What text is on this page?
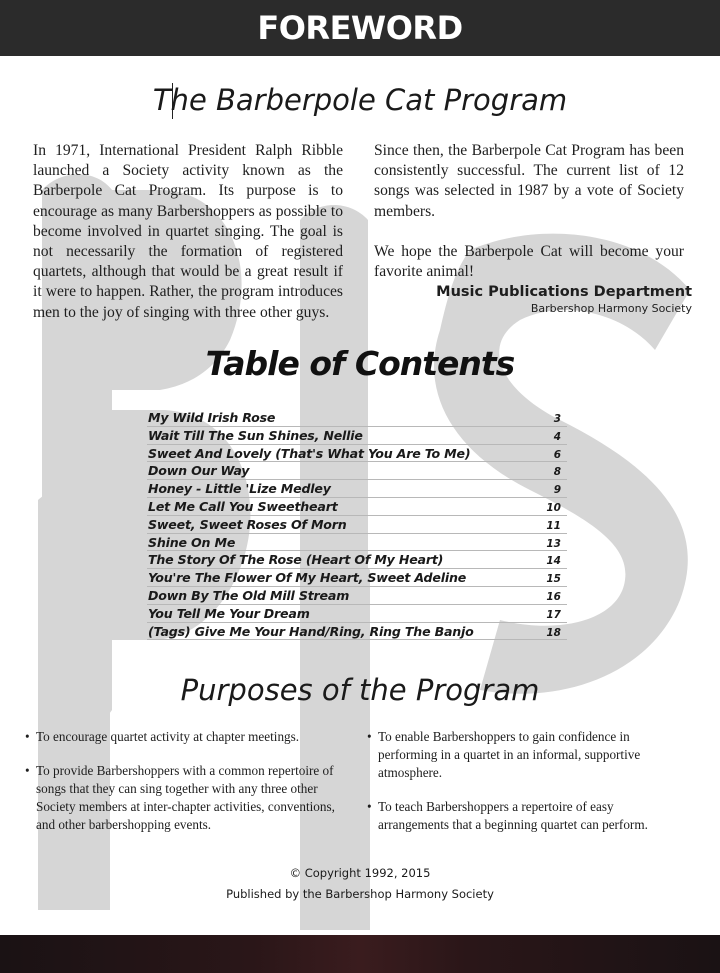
FOREWORD
The Barberpole Cat Program

In 1971, International President Ralph Ribble launched a Society activity known as the Barberpole Cat Program. Its purpose is to encourage as many Barbershoppers as possible to become involved in quartet singing. The goal is not necessarily the formation of registered quartets, although that would be a great result if it were to happen. Rather, the program introduces men to the joy of singing with three other guys.

Since then, the Barberpole Cat Program has been consistently successful. The current list of 12 songs was selected in 1987 by a vote of Society members.

We hope the Barberpole Cat will become your favorite animal!

Music Publications Department
Barbershop Harmony Society
Table of Contents
My Wild Irish Rose	3
Wait Till The Sun Shines, Nellie	4
Sweet And Lovely (That's What You Are To Me)	6
Down Our Way	8
Honey - Little 'Lize Medley	9
Let Me Call You Sweetheart	10
Sweet, Sweet Roses Of Morn	11
Shine On Me	13
The Story Of The Rose (Heart Of My Heart)	14
You're The Flower Of My Heart, Sweet Adeline	15
Down By The Old Mill Stream	16
You Tell Me Your Dream	17
(Tags) Give Me Your Hand/Ring, Ring The Banjo	18
Purposes of the Program
• To encourage quartet activity at chapter meetings.
• To provide Barbershoppers with a common repertoire of songs that they can sing together with any three other Society members at inter-chapter activities, conventions, and other barbershopping events.
• To enable Barbershoppers to gain confidence in performing in a quartet in an informal, supportive atmosphere.
• To teach Barbershoppers a repertoire of easy arrangements that a beginning quartet can perform.
© Copyright 1992, 2015
Published by the Barbershop Harmony Society
